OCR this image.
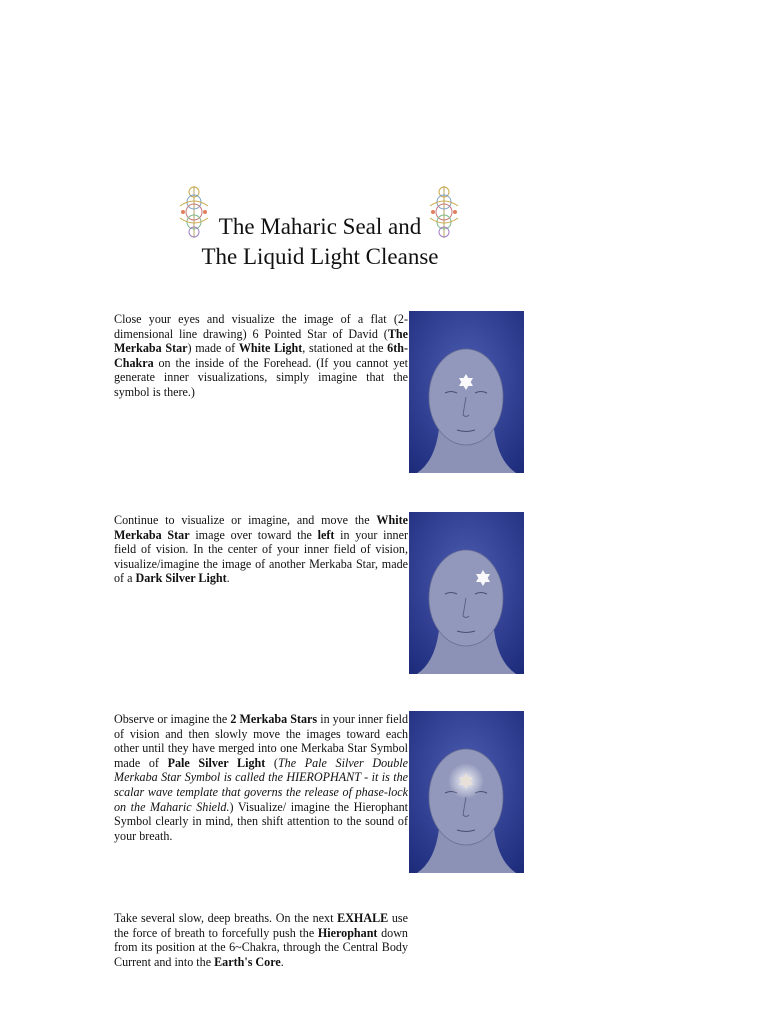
The Maharic Seal and
The Liquid Light Cleanse

Close your eyes and visualize the image of a flat (2-dimensional line drawing) 6 Pointed Star of David (The Merkaba Star) made of White Light, stationed at the 6th-Chakra on the inside of the Forehead. (If you cannot yet generate inner visualizations, simply imagine that the symbol is there.)

Continue to visualize or imagine, and move the White Merkaba Star image over toward the left in your inner field of vision. In the center of your inner field of vision, visualize/imagine the image of another Merkaba Star, made of a Dark Silver Light.

Observe or imagine the 2 Merkaba Stars in your inner field of vision and then slowly move the images toward each other until they have merged into one Merkaba Star Symbol made of Pale Silver Light (The Pale Silver Double Merkaba Star Symbol is called the HIEROPHANT - it is the scalar wave template that governs the release of phase-lock on the Maharic Shield.) Visualize/ imagine the Hierophant Symbol clearly in mind, then shift attention to the sound of your breath.

Take several slow, deep breaths. On the next EXHALE use the force of breath to forcefully push the Hierophant down from its position at the 6~Chakra, through the Central Body Current and into the Earth's Core.
